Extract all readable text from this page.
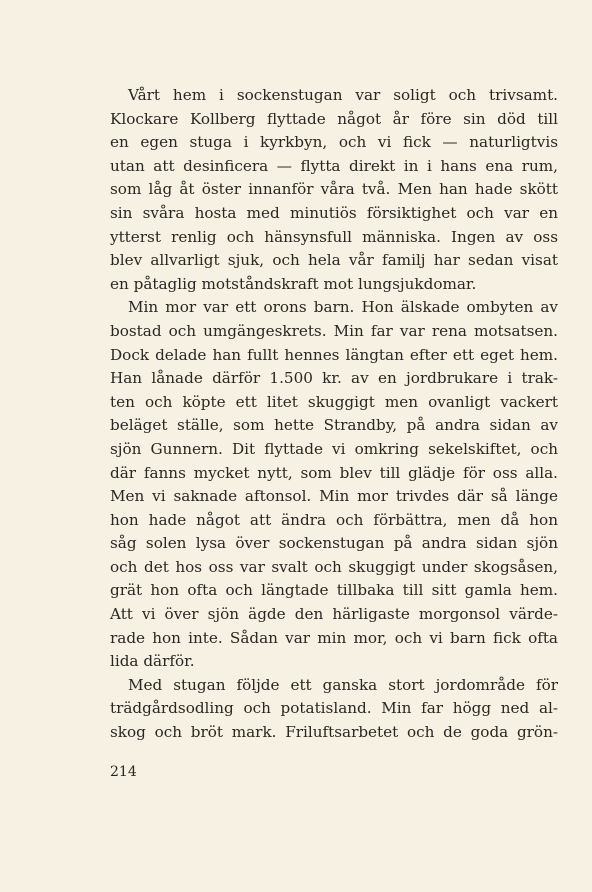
Vårt hem i sockenstugan var soligt och trivsamt.
Klockare Kollberg flyttade något år före sin död till
en egen stuga i kyrkbyn, och vi fick — naturligtvis
utan att desinficera — flytta direkt in i hans ena rum,
som låg åt öster innanför våra två. Men han hade skött
sin svåra hosta med minutiös försiktighet och var en
ytterst renlig och hänsynsfull människa. Ingen av oss
blev allvarligt sjuk, och hela vår familj har sedan visat
en påtaglig motståndskraft mot lungsjukdomar.
Min mor var ett orons barn. Hon älskade ombyten av
bostad och umgängeskrets. Min far var rena motsatsen.
Dock delade han fullt hennes längtan efter ett eget hem.
Han lånade därför 1.500 kr. av en jordbrukare i trak-
ten och köpte ett litet skuggigt men ovanligt vackert
beläget ställe, som hette Strandby, på andra sidan av
sjön Gunnern. Dit flyttade vi omkring sekelskiftet, och
där fanns mycket nytt, som blev till glädje för oss alla.
Men vi saknade aftonsol. Min mor trivdes där så länge
hon hade något att ändra och förbättra, men då hon
såg solen lysa över sockenstugan på andra sidan sjön
och det hos oss var svalt och skuggigt under skogsåsen,
grät hon ofta och längtade tillbaka till sitt gamla hem.
Att vi över sjön ägde den härligaste morgonsol värde-
rade hon inte. Sådan var min mor, och vi barn fick ofta
lida därför.
Med stugan följde ett ganska stort jordområde för
trädgårdsodling och potatisland. Min far högg ned al-
skog och bröt mark. Friluftsarbetet och de goda grön-
214
